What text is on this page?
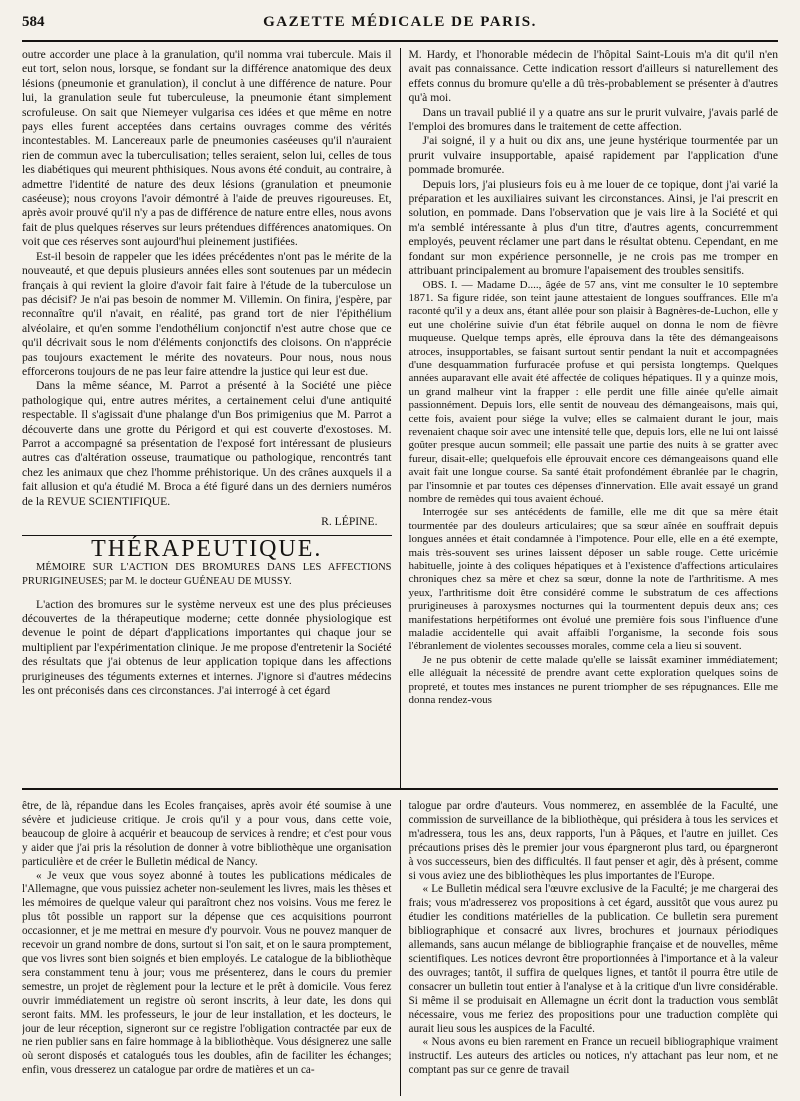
584	GAZETTE MÉDICALE DE PARIS.

outre accorder une place à la granulation, qu'il nomma vrai tubercule. Mais il eut tort, selon nous, lorsque, se fondant sur la différence anatomique des deux lésions (pneumonie et granulation), il conclut à une différence de nature. Pour lui, la granulation seule fut tuberculeuse, la pneumonie étant simplement scrofuleuse. On sait que Niemeyer vulgarisa ces idées et que même en notre pays elles furent acceptées dans certains ouvrages comme des vérités incontestables. M. Lancereaux parle de pneumonies caséeuses qu'il n'auraient rien de commun avec la tuberculisation; telles seraient, selon lui, celles de tous les diabétiques qui meurent phthisiques. Nous avons été conduit, au contraire, à admettre l'identité de nature des deux lésions (granulation et pneumonie caséeuse); nous croyons l'avoir démontré à l'aide de preuves rigoureuses. Et, après avoir prouvé qu'il n'y a pas de différence de nature entre elles, nous avons fait de plus quelques réserves sur leurs prétendues différences anatomiques. On voit que ces réserves sont aujourd'hui pleinement justifiées.

Est-il besoin de rappeler que les idées précédentes n'ont pas le mérite de la nouveauté, et que depuis plusieurs années elles sont soutenues par un médecin français à qui revient la gloire d'avoir fait faire à l'étude de la tuberculose un pas décisif? Je n'ai pas besoin de nommer M. Villemin. On finira, j'espère, par reconnaître qu'il n'avait, en réalité, pas grand tort de nier l'épithélium alvéolaire, et qu'en somme l'endothélium conjonctif n'est autre chose que ce qu'il décrivait sous le nom d'éléments conjonctifs des cloisons. On n'apprécie pas toujours exactement le mérite des novateurs. Pour nous, nous nous efforcerons toujours de ne pas leur faire attendre la justice qui leur est due.

Dans la même séance, M. Parrot a présenté à la Société une pièce pathologique qui, entre autres mérites, a certainement celui d'une antiquité respectable. Il s'agissait d'une phalange d'un Bos primigenius que M. Parrot a découverte dans une grotte du Périgord et qui est couverte d'exostoses. M. Parrot a accompagné sa présentation de l'exposé fort intéressant de plusieurs autres cas d'altération osseuse, traumatique ou pathologique, rencontrés tant chez les animaux que chez l'homme préhistorique. Un des crânes auxquels il a fait allusion et qu'a étudié M. Broca a été figuré dans un des derniers numéros de la REVUE SCIENTIFIQUE.

R. LÉPINE.
THÉRAPEUTIQUE.

MÉMOIRE SUR L'ACTION DES BROMURES DANS LES AFFECTIONS PRURIGINEUSES; par M. le docteur GUÉNEAU DE MUSSY.

L'action des bromures sur le système nerveux est une des plus précieuses découvertes de la thérapeutique moderne; cette donnée physiologique est devenue le point de départ d'applications importantes qui chaque jour se multiplient par l'expérimentation clinique. Je me propose d'entretenir la Société des résultats que j'ai obtenus de leur application topique dans les affections prurigineuses des téguments externes et internes. J'ignore si d'autres médecins les ont préconisés dans ces circonstances. J'ai interrogé à cet égard

M. Hardy, et l'honorable médecin de l'hôpital Saint-Louis m'a dit qu'il n'en avait pas connaissance. Cette indication ressort d'ailleurs si naturellement des effets connus du bromure qu'elle a dû très-probablement se présenter à d'autres qu'à moi.

Dans un travail publié il y a quatre ans sur le prurit vulvaire, j'avais parlé de l'emploi des bromures dans le traitement de cette affection.

J'ai soigné, il y a huit ou dix ans, une jeune hystérique tourmentée par un prurit vulvaire insupportable, apaisé rapidement par l'application d'une pommade bromurée.

Depuis lors, j'ai plusieurs fois eu à me louer de ce topique, dont j'ai varié la préparation et les auxiliaires suivant les circonstances. Ainsi, je l'ai prescrit en solution, en pommade. Dans l'observation que je vais lire à la Société et qui m'a semblé intéressante à plus d'un titre, d'autres agents, concurremment employés, peuvent réclamer une part dans le résultat obtenu. Cependant, en me fondant sur mon expérience personnelle, je ne crois pas me tromper en attribuant principalement au bromure l'apaisement des troubles sensitifs.

OBS. I. — Madame D...., âgée de 57 ans, vint me consulter le 10 septembre 1871. Sa figure ridée, son teint jaune attestaient de longues souffrances. Elle m'a raconté qu'il y a deux ans, étant allée pour son plaisir à Bagnères-de-Luchon, elle y eut une cholérine suivie d'un état fébrile auquel on donna le nom de fièvre muqueuse. Quelque temps après, elle éprouva dans la tête des démangeaisons atroces, insupportables, se faisant surtout sentir pendant la nuit et accompagnées d'une desquammation furfuracée profuse et qui persista longtemps. Quelques années auparavant elle avait été affectée de coliques hépatiques. Il y a quinze mois, un grand malheur vint la frapper : elle perdit une fille ainée qu'elle aimait passionnément. Depuis lors, elle sentit de nouveau des démangeaisons, mais qui, cette fois, avaient pour siége la vulve; elles se calmaient durant le jour, mais revenaient chaque soir avec une intensité telle que, depuis lors, elle ne lui ont laissé goûter presque aucun sommeil; elle passait une partie des nuits à se gratter avec fureur, disait-elle; quelquefois elle éprouvait encore ces démangeaisons quand elle avait fait une longue course. Sa santé était profondément ébranlée par le chagrin, par l'insomnie et par toutes ces dépenses d'innervation. Elle avait essayé un grand nombre de remèdes qui tous avaient échoué.

Interrogée sur ses antécédents de famille, elle me dit que sa mère était tourmentée par des douleurs articulaires; que sa sœur aînée en souffrait depuis longues années et était condamnée à l'impotence. Pour elle, elle en a été exempte, mais très-souvent ses urines laissent déposer un sable rouge. Cette uricémie habituelle, jointe à des coliques hépatiques et à l'existence d'affections articulaires chroniques chez sa mère et chez sa sœur, donne la note de l'arthritisme. A mes yeux, l'arthritisme doit être considéré comme le substratum de ces affections prurigineuses à paroxysmes nocturnes qui la tourmentent depuis deux ans; ces manifestations herpétiformes ont évolué une première fois sous l'influence d'une maladie accidentelle qui avait affaibli l'organisme, la seconde fois sous l'ébranlement de violentes secousses morales, comme cela a lieu si souvent.

Je ne pus obtenir de cette malade qu'elle se laissât examiner immédiatement; elle alléguait la nécessité de prendre avant cette exploration quelques soins de propreté, et toutes mes instances ne purent triompher de ses répugnances. Elle me donna rendez-vous

être, de là, répandue dans les Ecoles françaises, après avoir été soumise à une sévère et judicieuse critique. Je crois qu'il y a pour vous, dans cette voie, beaucoup de gloire à acquérir et beaucoup de services à rendre; et c'est pour vous y aider que j'ai pris la résolution de donner à votre bibliothèque une organisation particulière et de créer le Bulletin médical de Nancy.

« Je veux que vous soyez abonné à toutes les publications médicales de l'Allemagne, que vous puissiez acheter non-seulement les livres, mais les thèses et les mémoires de quelque valeur qui paraîtront chez nos voisins. Vous me ferez le plus tôt possible un rapport sur la dépense que ces acquisitions pourront occasionner, et je me mettrai en mesure d'y pourvoir. Vous ne pouvez manquer de recevoir un grand nombre de dons, surtout si l'on sait, et on le saura promptement, que vos livres sont bien soignés et bien employés. Le catalogue de la bibliothèque sera constamment tenu à jour; vous me présenterez, dans le cours du premier semestre, un projet de règlement pour la lecture et le prêt à domicile. Vous ferez ouvrir immédiatement un registre où seront inscrits, à leur date, les dons qui seront faits. MM. les professeurs, le jour de leur installation, et les docteurs, le jour de leur réception, signeront sur ce registre l'obligation contractée par eux de ne rien publier sans en faire hommage à la bibliothèque. Vous désignerez une salle où seront disposés et catalogués tous les doubles, afin de faciliter les échanges; enfin, vous dresserez un catalogue par ordre de matières et un ca-

talogue par ordre d'auteurs. Vous nommerez, en assemblée de la Faculté, une commission de surveillance de la bibliothèque, qui présidera à tous les services et m'adressera, tous les ans, deux rapports, l'un à Pâques, et l'autre en juillet. Ces précautions prises dès le premier jour vous épargneront plus tard, ou épargneront à vos successeurs, bien des difficultés. Il faut penser et agir, dès à présent, comme si vous aviez une des bibliothèques les plus importantes de l'Europe.

« Le Bulletin médical sera l'œuvre exclusive de la Faculté; je me chargerai des frais; vous m'adresserez vos propositions à cet égard, aussitôt que vous aurez pu étudier les conditions matérielles de la publication. Ce bulletin sera purement bibliographique et consacré aux livres, brochures et journaux périodiques allemands, sans aucun mélange de bibliographie française et de nouvelles, même scientifiques. Les notices devront être proportionnées à l'importance et à la valeur des ouvrages; tantôt, il suffira de quelques lignes, et tantôt il pourra être utile de consacrer un bulletin tout entier à l'analyse et à la critique d'un livre considérable. Si même il se produisait en Allemagne un écrit dont la traduction vous semblât nécessaire, vous me feriez des propositions pour une traduction complète qui aurait lieu sous les auspices de la Faculté.

« Nous avons eu bien rarement en France un recueil bibliographique vraiment instructif. Les auteurs des articles ou notices, n'y attachant pas leur nom, et ne comptant pas sur ce genre de travail
